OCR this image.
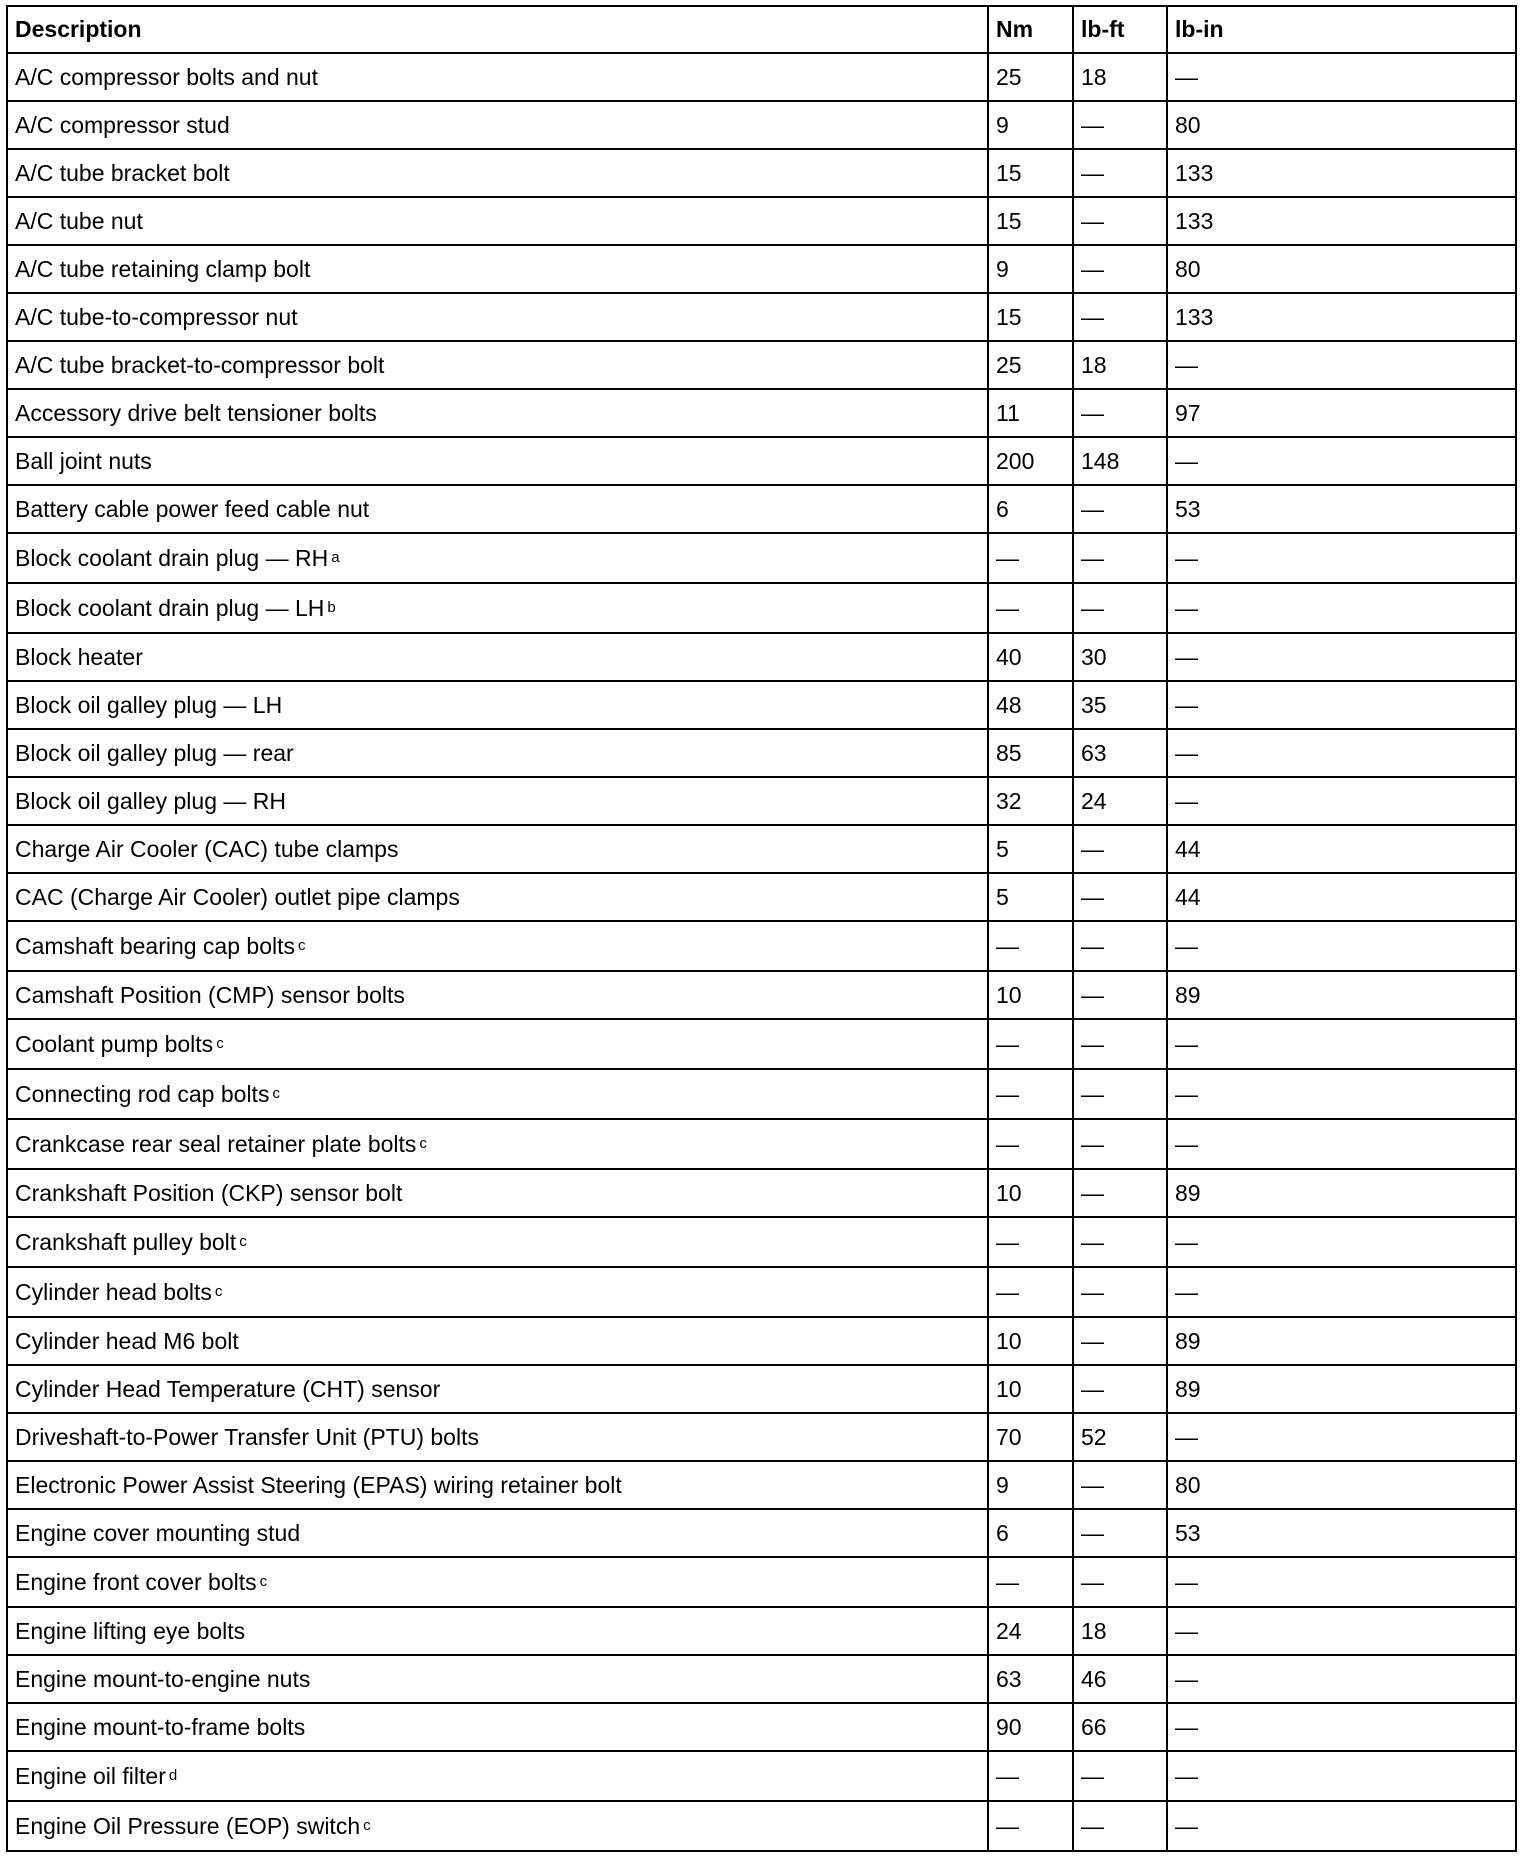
Description	Nm	lb-ft	lb-in
A/C compressor bolts and nut	25	18	—
A/C compressor stud	9	—	80
A/C tube bracket bolt	15	—	133
A/C tube nut	15	—	133
A/C tube retaining clamp bolt	9	—	80
A/C tube-to-compressor nut	15	—	133
A/C tube bracket-to-compressor bolt	25	18	—
Accessory drive belt tensioner bolts	11	—	97
Ball joint nuts	200	148	—
Battery cable power feed cable nut	6	—	53
Block coolant drain plug — RH $^a$	—	—	—
Block coolant drain plug — LH $^b$	—	—	—
Block heater	40	30	—
Block oil galley plug — LH	48	35	—
Block oil galley plug — rear	85	63	—
Block oil galley plug — RH	32	24	—
Charge Air Cooler (CAC) tube clamps	5	—	44
CAC (Charge Air Cooler) outlet pipe clamps	5	—	44
Camshaft bearing cap bolts $^c$	—	—	—
Camshaft Position (CMP) sensor bolts	10	—	89
Coolant pump bolts $^c$	—	—	—
Connecting rod cap bolts $^c$	—	—	—
Crankcase rear seal retainer plate bolts $^c$	—	—	—
Crankshaft Position (CKP) sensor bolt	10	—	89
Crankshaft pulley bolt $^c$	—	—	—
Cylinder head bolts $^c$	—	—	—
Cylinder head M6 bolt	10	—	89
Cylinder Head Temperature (CHT) sensor	10	—	89
Driveshaft-to-Power Transfer Unit (PTU) bolts	70	52	—
Electronic Power Assist Steering (EPAS) wiring retainer bolt	9	—	80
Engine cover mounting stud	6	—	53
Engine front cover bolts $^c$	—	—	—
Engine lifting eye bolts	24	18	—
Engine mount-to-engine nuts	63	46	—
Engine mount-to-frame bolts	90	66	—
Engine oil filter $^d$	—	—	—
Engine Oil Pressure (EOP) switch $^c$	—	—	—
